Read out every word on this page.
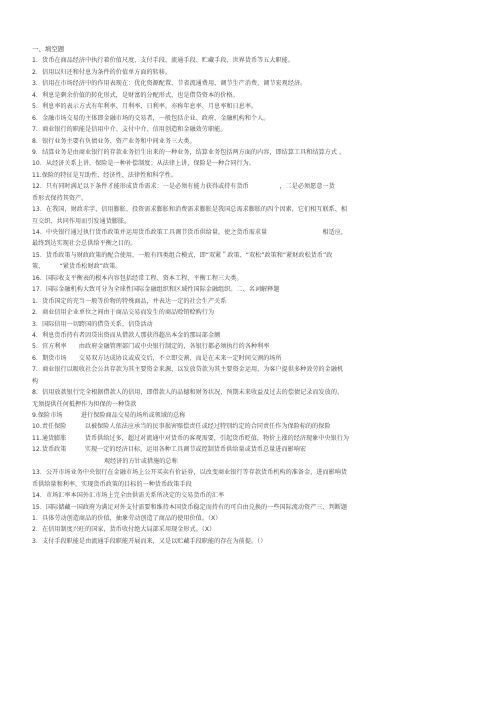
一、填空题
1．货币在商品经济中执行着价值尺度、支付手段、流通手段、贮藏手段、世界货币等五大职能。
2．信用以归还和付息为条件的价值单方面的转移。
3．信用在市场经济中的作用表现在：优化资源配置、节省流通费用、调节生产消费、调节宏观经济。
4．利息是剩余价值的转化形式，是财富的分配形式，也是借贷资本的价格。
5．利息率的表示方式有年利率、月利率、日利率，亦称年息率、月息率和日息率。
6．金融市场交易的主体即金融市场的交易者，一般包括企业、政府、金融机构和个人。
7．商业银行的职能是信用中介、支付中介、信用创造和金融效劳职能。
8．银行业务主要有负债业务、资产业务和中间业务三大类。
9．结算业务是由商业银行的存款业务衍生出来的一种业务，结算业务包括两方面的内容，即结算工具和结算方式 。
10．从经济关系上讲，保险是一种补偿制度；从法律上讲，保险是一种合同行为。
11.保险的特征是互助性、经济性、法律性和科学性。
12．只有同时满足以下条件才能形成货币需求：一是必须有能力获得或持有货币　　　　　，二是必须愿意一货
币形式保持其资产。
13．在我国，财政赤字、信用膨胀、投资需求膨胀和消费需求膨胀是我国总需求膨胀的四个因素，它们相互联系、相
互交织、共同作用而引发通货膨胀。
14．中央银行通过执行货币政策并运用货币政策工具调节货币供给量，使之货币需求量　　　　　　　　　相适应，
最终到达实现社会总供给平衡之目的。
15．货币政策与财政政策的配合使用，一般有四类组合模式，即“双紧＂政策、“双松”政策和“紧财政松货币”政
策、　　　“紧货币松财政”政策。
16．国际收支平衡表的根本内容包括经常工程、资本工程、平衡工程三大类。
17．国际金融机构大致可分为全球性国际金融组织和区域性国际金融组织。二、名词解释题
1．货币国定的充当一般等价物的特殊商品，并表达一定的社会生产关系
2．商业信用企业单位之间由于商品交易而发生的商品赊销赊购行为
3．国际信用一切跨国的借贷关系，信贷活动
4．利息货币持有者因贷出资而从借款人那获得超出本金的那局部金额
5．官方利率　　由政府金融管理部门或中央银行制定的，各银行都必须执行的各种利率
6．期货市场　　交易双方达成协议或成交后，不立即交割，而是在未来一定时间交割的场所
7．商业银行以吸收社会公共存款为其主要资金来源，以发放贷款为其主要资金运用，为客户提供多种效劳的金融机
构
8．信用放款银行完全根据借款人的信用，即借款人的品德和财务状况，预期未来收益及过去的偿债记录而发放的、
无须提供任何抵押作为担保的一种贷款
9.保险市场　　　进行保险商品交易的场所或领域的总称
10.责任保险　　　以被保险人依法应承当的民事损害赔偿责任或经过特别约定的合同责任作为保险标的的保险
11.通货膨胀　　　货币供给过多，超过对流通中对货币的客观需要，引起货币贬值，物价上涨的经济现象中央银行为
12.货币政策　　　实现一定的经济目标，运用各种工具调节或控制货币供给量或货币总量进而影响宏
观经济的方针或措施的总称
13．公开市场业务中央银行在金融市场上公开买卖有价证券，以改变商业银行等存款货币机构的准备金，进而影响货
币供给量和利率，实现货币政策的目标的一种货币政策手段
14．市场汇率本国外汇市场上完全由供需关系所决定的交易货币的汇率
15．国际储藏一国政府为满足对外支付需要和维持本国货币稳定而持有的可自由兑换的一些国际流动资产三、判断题
1．具体劳动创造商品的价值，抽象劳动创造了商品的使用价值。（X）
2．在信用制度兴旺的国家，货币收付绝大局部采用现金形式。（X）
3．支付手段职能是由流通手段职能开展而来，又是以贮藏手段职能的存在为前提。（）
